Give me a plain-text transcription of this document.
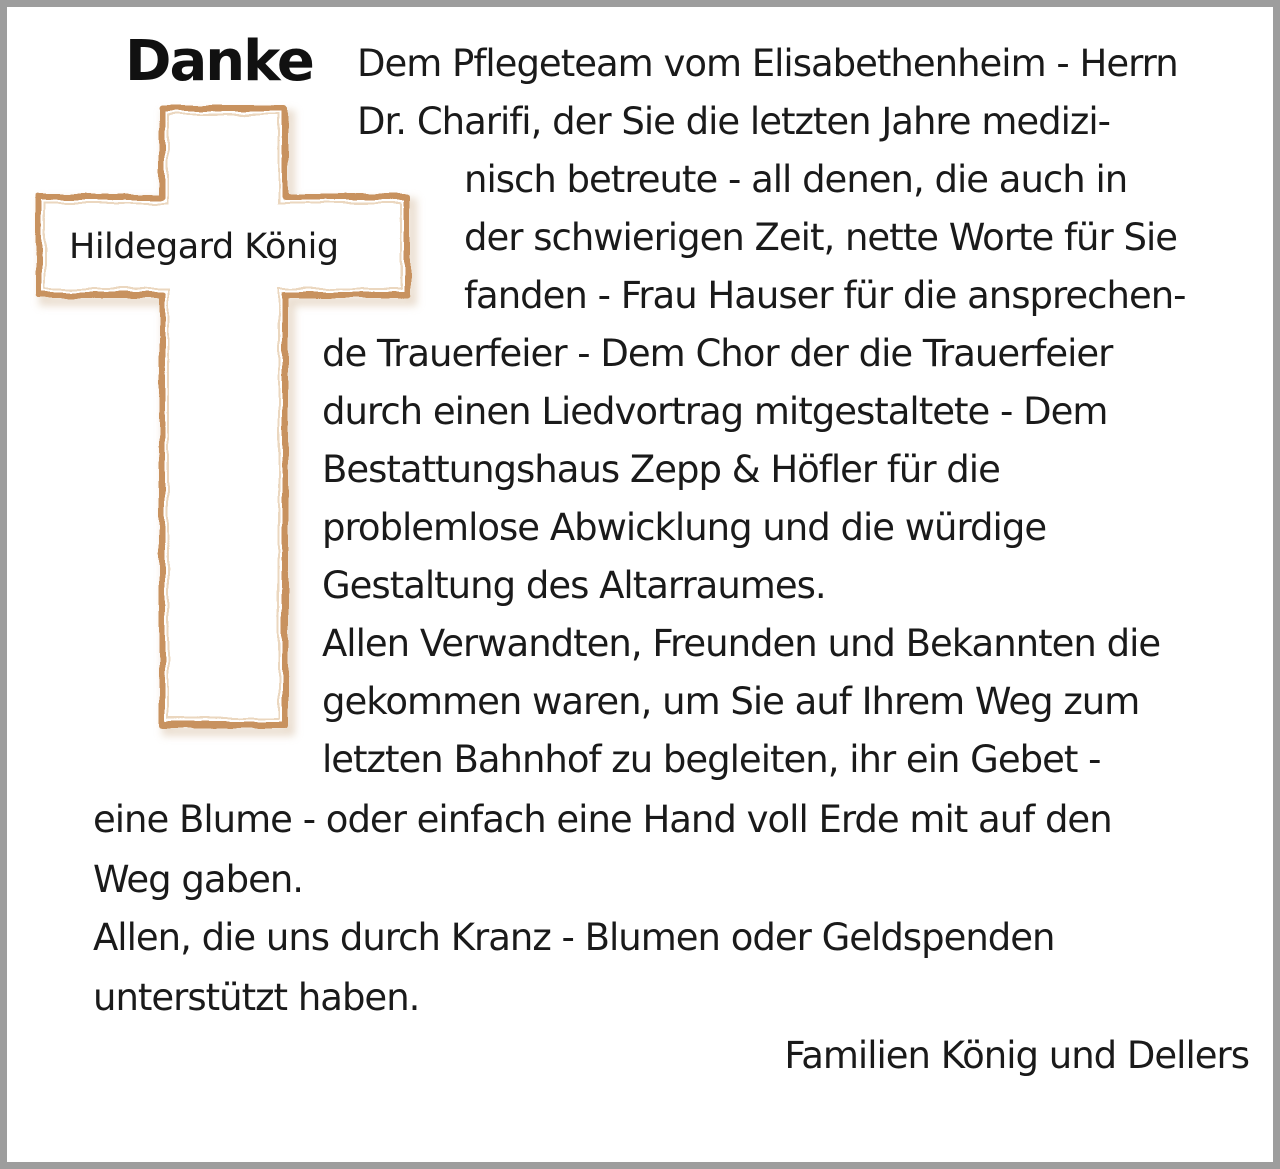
Danke
Hildegard König
Dem Pflegeteam vom Elisabethenheim - Herrn
Dr. Charifi, der Sie die letzten Jahre medizi-
nisch betreute - all denen, die auch in
der schwierigen Zeit, nette Worte für Sie
fanden - Frau Hauser für die ansprechen-
de Trauerfeier - Dem Chor der die Trauerfeier
durch einen Liedvortrag mitgestaltete - Dem
Bestattungshaus Zepp & Höfler für die
problemlose Abwicklung und die würdige
Gestaltung des Altarraumes.
Allen Verwandten, Freunden und Bekannten die
gekommen waren, um Sie auf Ihrem Weg zum
letzten Bahnhof zu begleiten, ihr ein Gebet -
eine Blume - oder einfach eine Hand voll Erde mit auf den
Weg gaben.
Allen, die uns durch Kranz - Blumen oder Geldspenden
unterstützt haben.
Familien König und Dellers
